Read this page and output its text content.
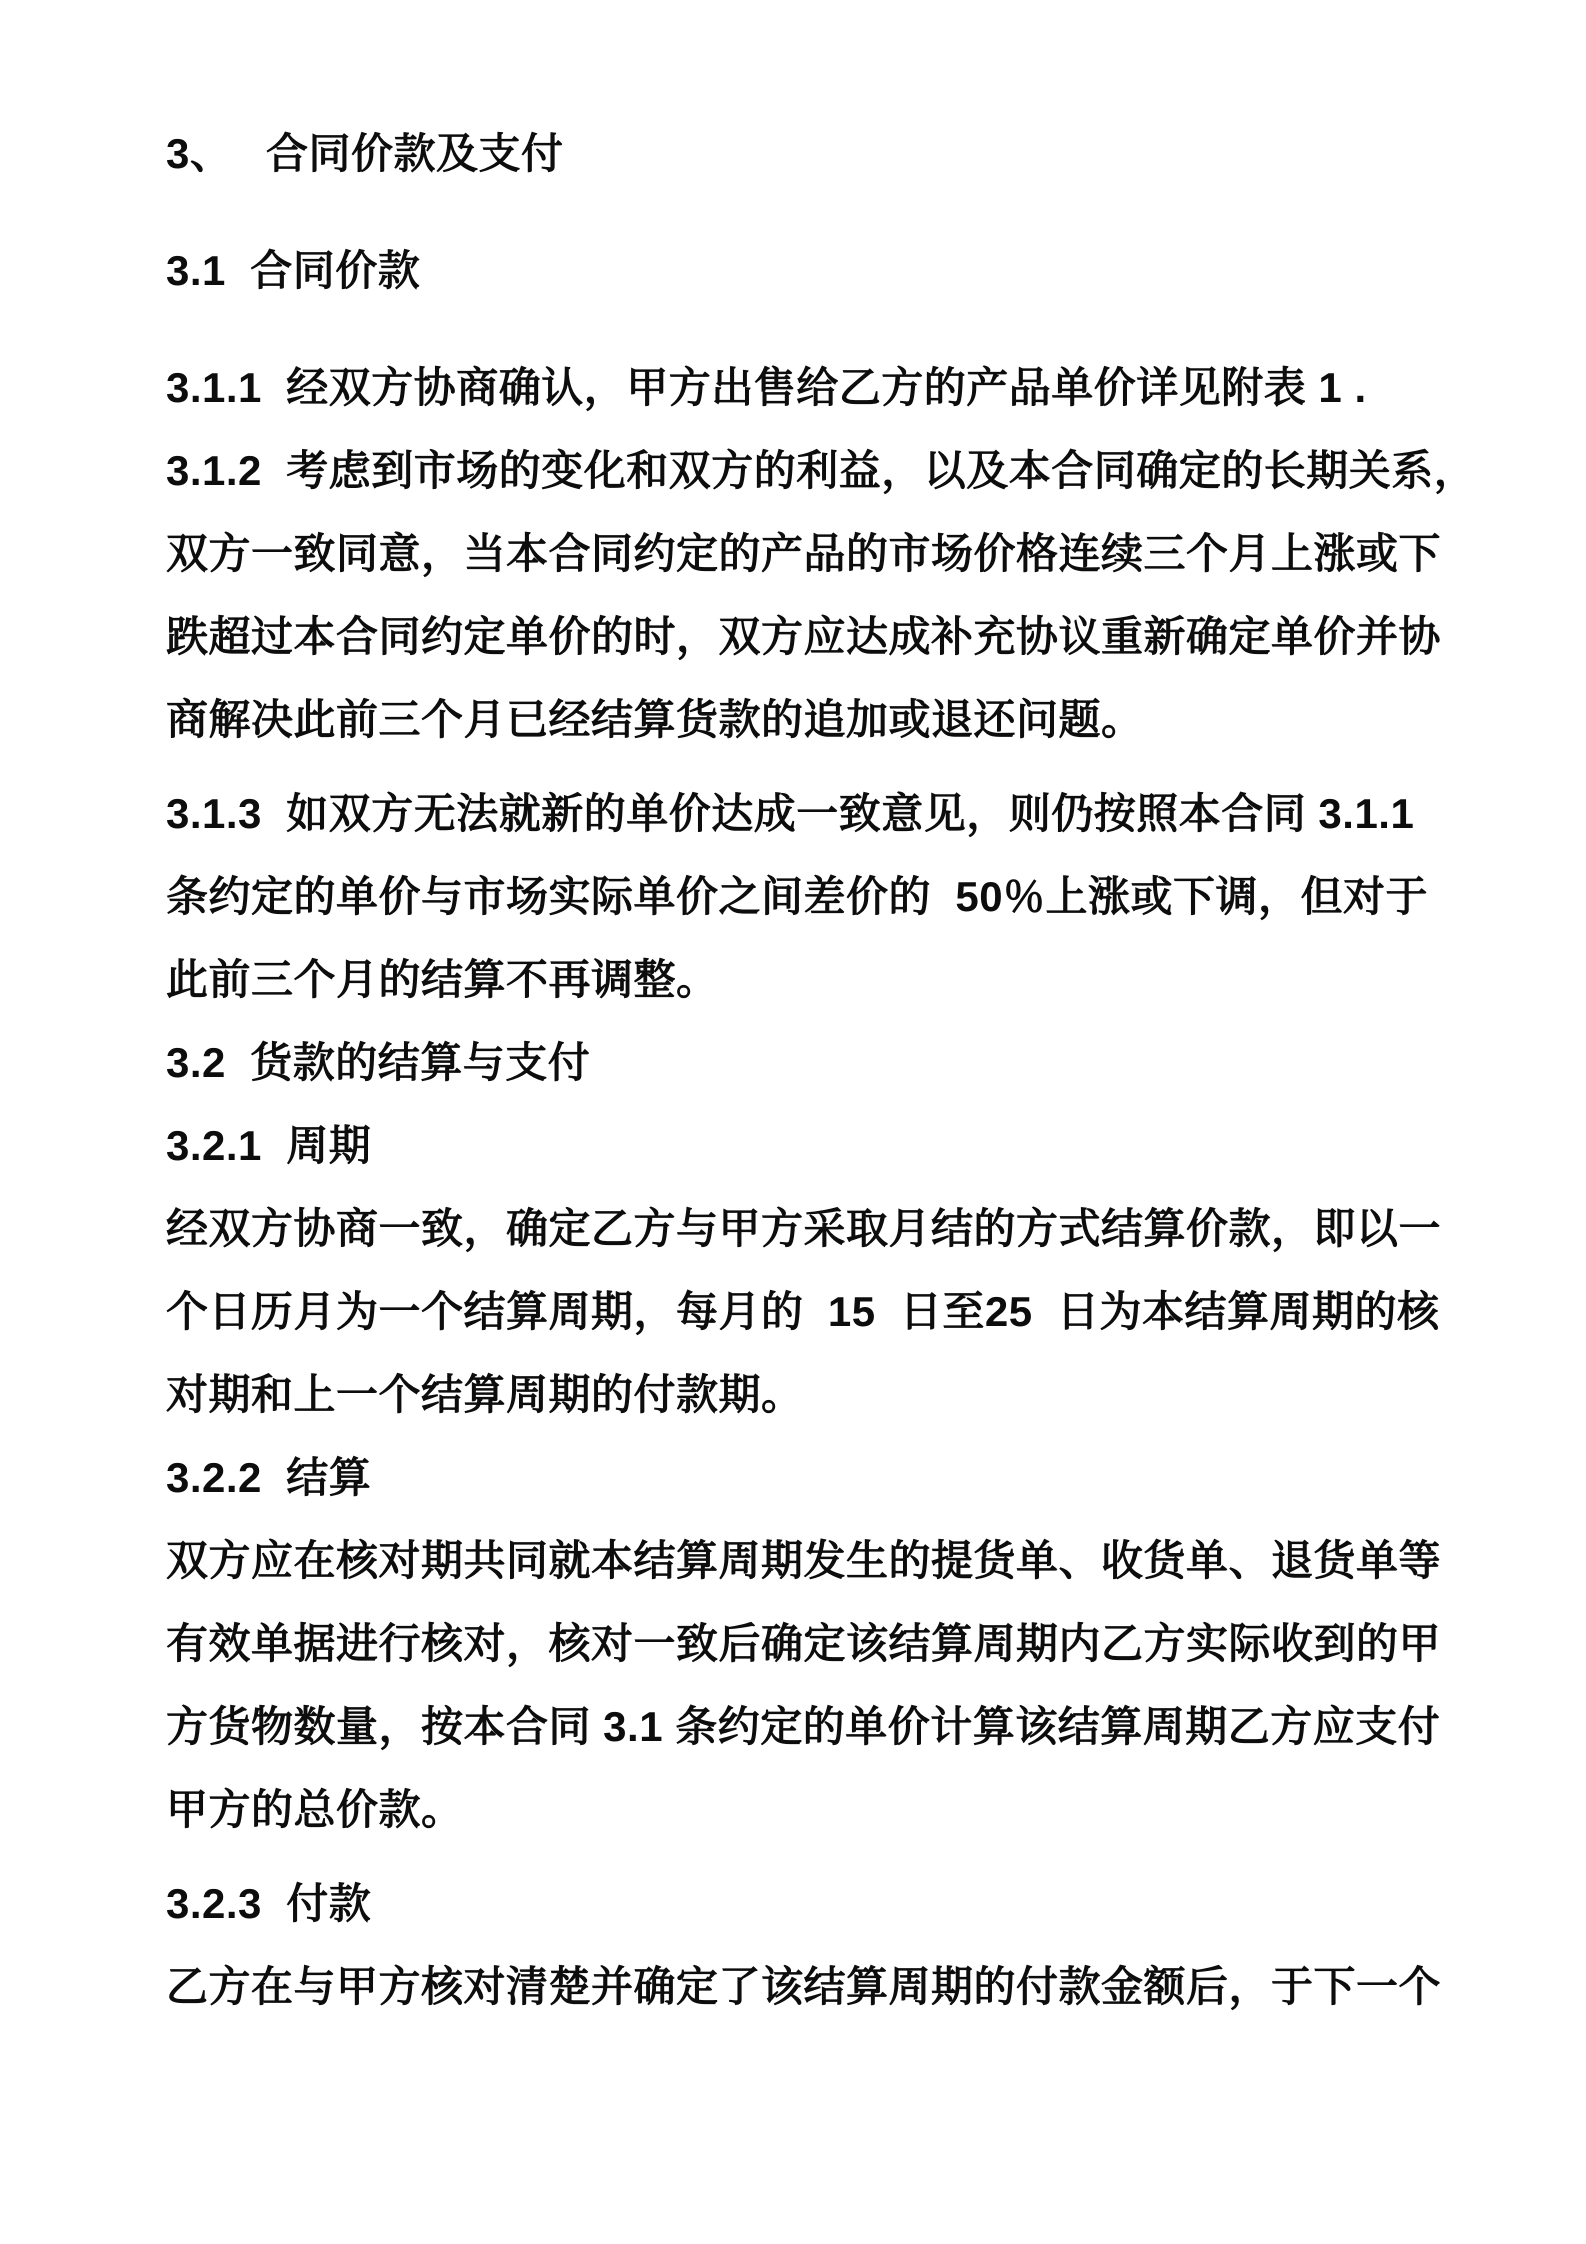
3、　 合同价款及支付
3.1  合同价款
3.1.1  经双方协商确认，甲方出售给乙方的产品单价详见附表 1 .
3.1.2  考虑到市场的变化和双方的利益，以及本合同确定的长期关系，
双方一致同意，当本合同约定的产品的市场价格连续三个月上涨或下
跌超过本合同约定单价的时，双方应达成补充协议重新确定单价并协
商解决此前三个月已经结算货款的追加或退还问题。
3.1.3  如双方无法就新的单价达成一致意见，则仍按照本合同 3.1.1
条约定的单价与市场实际单价之间差价的  50％上涨或下调，但对于
此前三个月的结算不再调整。
3.2  货款的结算与支付
3.2.1  周期
经双方协商一致，确定乙方与甲方采取月结的方式结算价款，即以一
个日历月为一个结算周期，每月的  15  日至25  日为本结算周期的核
对期和上一个结算周期的付款期。
3.2.2  结算
双方应在核对期共同就本结算周期发生的提货单、收货单、退货单等
有效单据进行核对，核对一致后确定该结算周期内乙方实际收到的甲
方货物数量，按本合同 3.1 条约定的单价计算该结算周期乙方应支付
甲方的总价款。
3.2.3  付款
乙方在与甲方核对清楚并确定了该结算周期的付款金额后，于下一个
